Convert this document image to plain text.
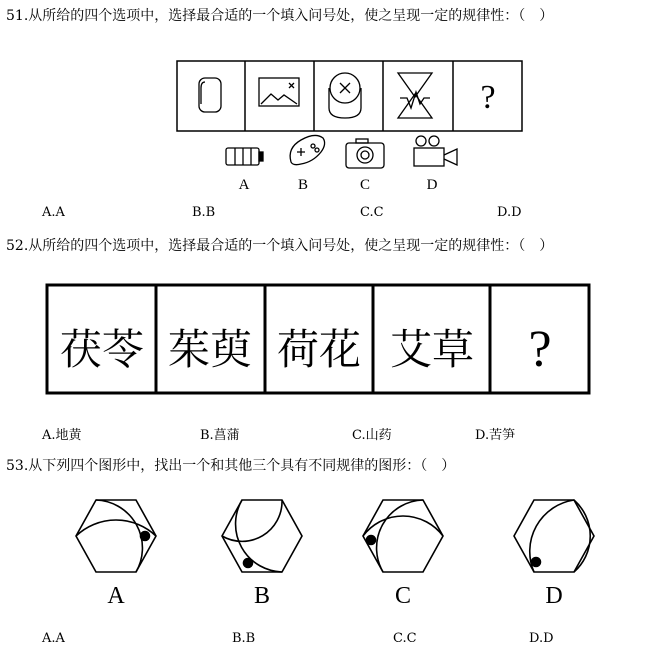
51.从所给的四个选项中，选择最合适的一个填入问号处，使之呈现一定的规律性：（　）
?
A	B	C	D
茯苓 茱萸 荷花 艾草 ?
A	B	C	D
A.A	B.B	C.C	D.D
52.从所给的四个选项中，选择最合适的一个填入问号处，使之呈现一定的规律性：（　）
A.地黄	B.菖蒲	C.山药	D.苦笋
53.从下列四个图形中，找出一个和其他三个具有不同规律的图形：（　）
A.A	B.B	C.C	D.D
